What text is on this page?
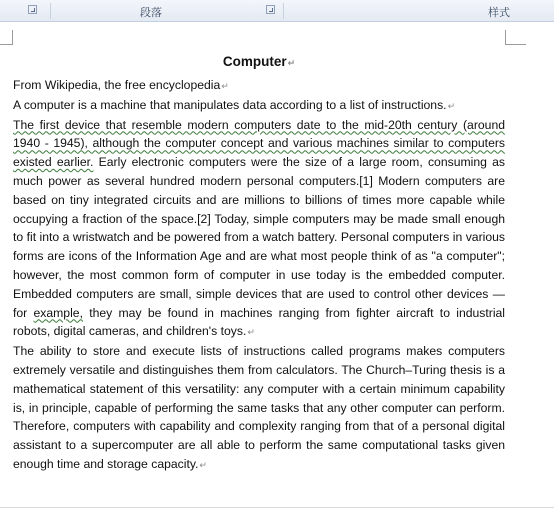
段落	样式
Computer↵

From Wikipedia, the free encyclopedia↵

A computer is a machine that manipulates data according to a list of instructions.↵

The first device that resemble modern computers date to the mid-20th century (around 1940 - 1945), although the computer concept and various machines similar to computers existed earlier. Early electronic computers were the size of a large room, consuming as much power as several hundred modern personal computers.[1] Modern computers are based on tiny integrated circuits and are millions to billions of times more capable while occupying a fraction of the space.[2] Today, simple computers may be made small enough to fit into a wristwatch and be powered from a watch battery. Personal computers in various forms are icons of the Information Age and are what most people think of as "a computer"; however, the most common form of computer in use today is the embedded computer. Embedded computers are small, simple devices that are used to control other devices — for example, they may be found in machines ranging from fighter aircraft to industrial robots, digital cameras, and children's toys.↵

The ability to store and execute lists of instructions called programs makes computers extremely versatile and distinguishes them from calculators. The Church–Turing thesis is a mathematical statement of this versatility: any computer with a certain minimum capability is, in principle, capable of performing the same tasks that any other computer can perform. Therefore, computers with capability and complexity ranging from that of a personal digital assistant to a supercomputer are all able to perform the same computational tasks given enough time and storage capacity.↵
